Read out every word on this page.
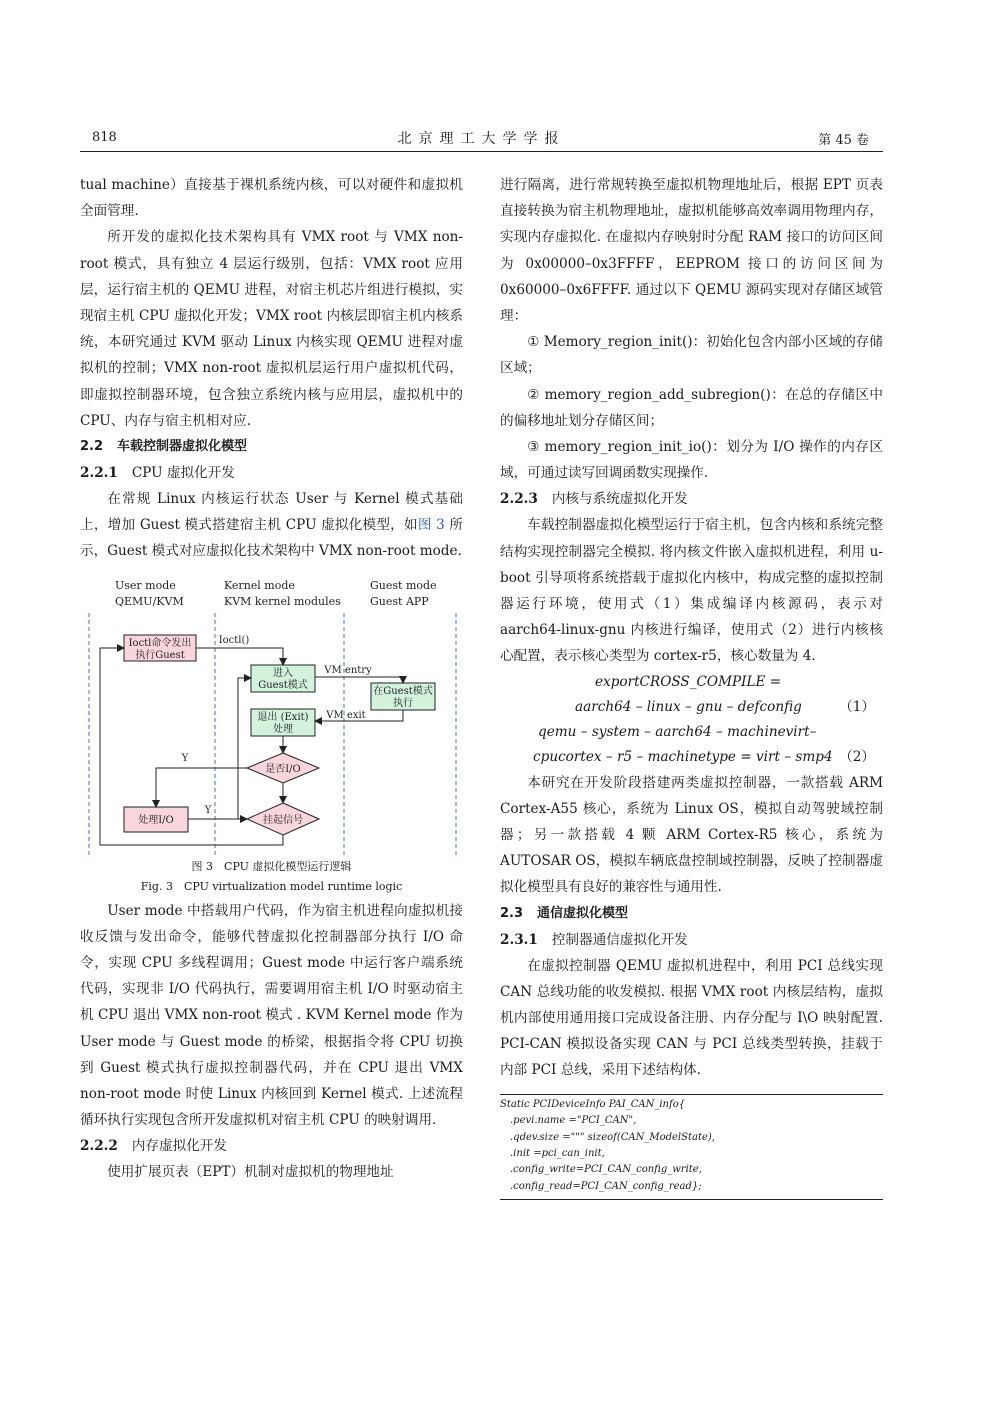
818	北京理工大学学报	第 45 卷

tual machine）直接基于裸机系统内核，可以对硬件和虚拟机全面管理.

所开发的虚拟化技术架构具有 VMX root 与 VMX non-root 模式，具有独立 4 层运行级别，包括：VMX root 应用层，运行宿主机的 QEMU 进程，对宿主机芯片组进行模拟，实现宿主机 CPU 虚拟化开发；VMX root 内核层即宿主机内核系统，本研究通过 KVM 驱动 Linux 内核实现 QEMU 进程对虚拟机的控制；VMX non-root 虚拟机层运行用户虚拟机代码，即虚拟控制器环境，包含独立系统内核与应用层，虚拟机中的 CPU、内存与宿主机相对应.

2.2 车载控制器虚拟化模型
2.2.1 CPU 虚拟化开发

在常规 Linux 内核运行状态 User 与 Kernel 模式基础上，增加 Guest 模式搭建宿主机 CPU 虚拟化模型，如图 3 所示，Guest 模式对应虚拟化技术架构中 VMX non-root mode.

User mode
QEMU/KVM
Kernel mode
KVM kernel modules
Guest mode
Guest APP
Ioctl命令发出
执行Guest
Ioctl()
进入
Guest模式
VM entry
在Guest模式
执行
退出 (Exit)
处理
VM exit
是否I/O
挂起信号
处理I/O
Y
Y
图 3　CPU 虚拟化模型运行逻辑
Fig. 3　CPU virtualization model runtime logic

User mode 中搭载用户代码，作为宿主机进程向虚拟机接收反馈与发出命令，能够代替虚拟化控制器部分执行 I/O 命令，实现 CPU 多线程调用；Guest mode 中运行客户端系统代码，实现非 I/O 代码执行，需要调用宿主机 I/O 时驱动宿主机 CPU 退出 VMX non-root 模式 . KVM Kernel mode 作为 User mode 与 Guest mode 的桥梁，根据指令将 CPU 切换到 Guest 模式执行虚拟控制器代码，并在 CPU 退出 VMX non-root mode 时使 Linux 内核回到 Kernel 模式. 上述流程循环执行实现包含所开发虚拟机对宿主机 CPU 的映射调用.

2.2.2 内存虚拟化开发

使用扩展页表（EPT）机制对虚拟机的物理地址

进行隔离，进行常规转换至虚拟机物理地址后，根据 EPT 页表直接转换为宿主机物理地址，虚拟机能够高效率调用物理内存，实现内存虚拟化. 在虚拟内存映射时分配 RAM 接口的访问区间为 0x00000–0x3FFFF，EEPROM 接口的访问区间为 0x60000–0x6FFFF. 通过以下 QEMU 源码实现对存储区域管理：

① Memory_region_init()：初始化包含内部小区域的存储区域；

② memory_region_add_subregion()：在总的存储区中的偏移地址划分存储区间；

③ memory_region_init_io()：划分为 I/O 操作的内存区域，可通过读写回调函数实现操作.

2.2.3 内核与系统虚拟化开发

车载控制器虚拟化模型运行于宿主机，包含内核和系统完整结构实现控制器完全模拟. 将内核文件嵌入虚拟机进程，利用 u-boot 引导项将系统搭载于虚拟化内核中，构成完整的虚拟控制器运行环境，使用式（1）集成编译内核源码，表示对 aarch64-linux-gnu 内核进行编译，使用式（2）进行内核核心配置，表示核心类型为 cortex-r5，核心数量为 4.

exportCROSS_COMPILE =
aarch64 – linux – gnu – defconfig	（1）
qemu – system – aarch64 – machinevirt–
cpucortex – r5 – machinetype = virt – smp4 （2）

本研究在开发阶段搭建两类虚拟控制器，一款搭载 ARM Cortex-A55 核心，系统为 Linux OS，模拟自动驾驶域控制器；另一款搭载 4 颗 ARM Cortex-R5 核心，系统为 AUTOSAR OS，模拟车辆底盘控制域控制器，反映了控制器虚拟化模型具有良好的兼容性与通用性.

2.3 通信虚拟化模型
2.3.1 控制器通信虚拟化开发

在虚拟控制器 QEMU 虚拟机进程中，利用 PCI 总线实现 CAN 总线功能的收发模拟. 根据 VMX root 内核层结构，虚拟机内部使用通用接口完成设备注册、内存分配与 I\O 映射配置. PCI-CAN 模拟设备实现 CAN 与 PCI 总线类型转换，挂载于内部 PCI 总线，采用下述结构体.

Static PCIDeviceInfo PAI_CAN_info{
.pevi.name ="PCI_CAN",
.qdev.size =""" sizeof(CAN_ModelState),
.init =pci_can_init,
.config_write=PCI_CAN_config_write,
.config_read=PCI_CAN_config_read};
